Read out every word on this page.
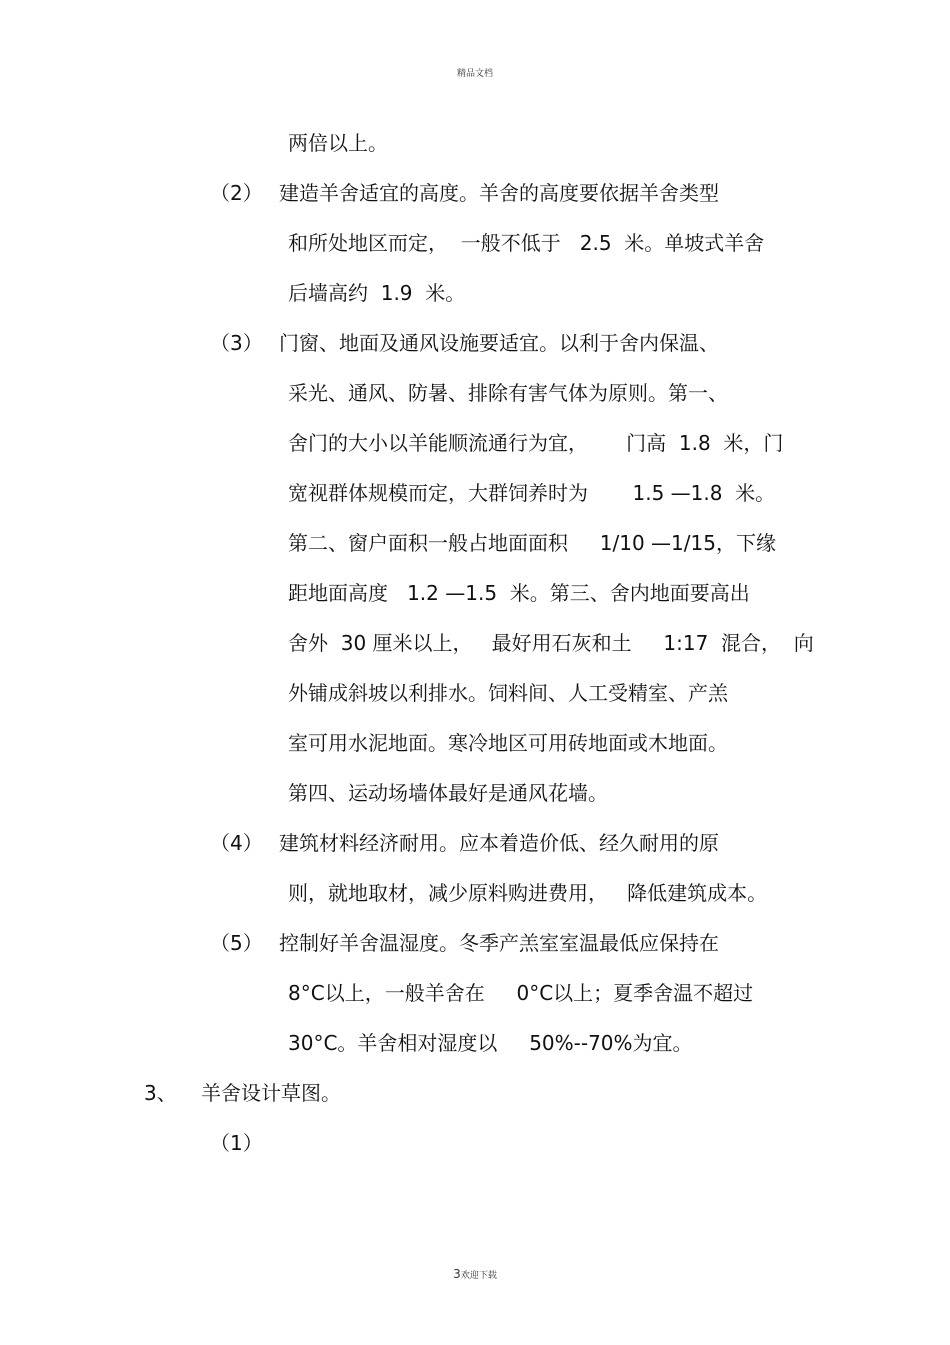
精品文档
两倍以上。
（2） 建造羊舍适宜的高度。羊舍的高度要依据羊舍类型
和所处地区而定，  一般不低于   2.5  米。单坡式羊舍
后墙高约  1.9  米。
（3） 门窗、地面及通风设施要适宜。以利于舍内保温、
采光、通风、防暑、排除有害气体为原则。第一、
舍门的大小以羊能顺流通行为宜，      门高  1.8  米，门
宽视群体规模而定，大群饲养时为       1.5 —1.8  米。
第二、窗户面积一般占地面面积     1/10 —1/15，下缘
距地面高度   1.2 —1.5  米。第三、舍内地面要高出
舍外  30 厘米以上，   最好用石灰和土     1:17  混合，  向
外铺成斜坡以利排水。饲料间、人工受精室、产羔
室可用水泥地面。寒冷地区可用砖地面或木地面。
第四、运动场墙体最好是通风花墙。
（4） 建筑材料经济耐用。应本着造价低、经久耐用的原
则，就地取材，减少原料购进费用，   降低建筑成本。
（5） 控制好羊舍温湿度。冬季产羔室室温最低应保持在
8°C以上，一般羊舍在     0°C以上；夏季舍温不超过
30°C。羊舍相对湿度以     50%--70%为宜。
3、 羊舍设计草图。
（1）
3欢迎下载
